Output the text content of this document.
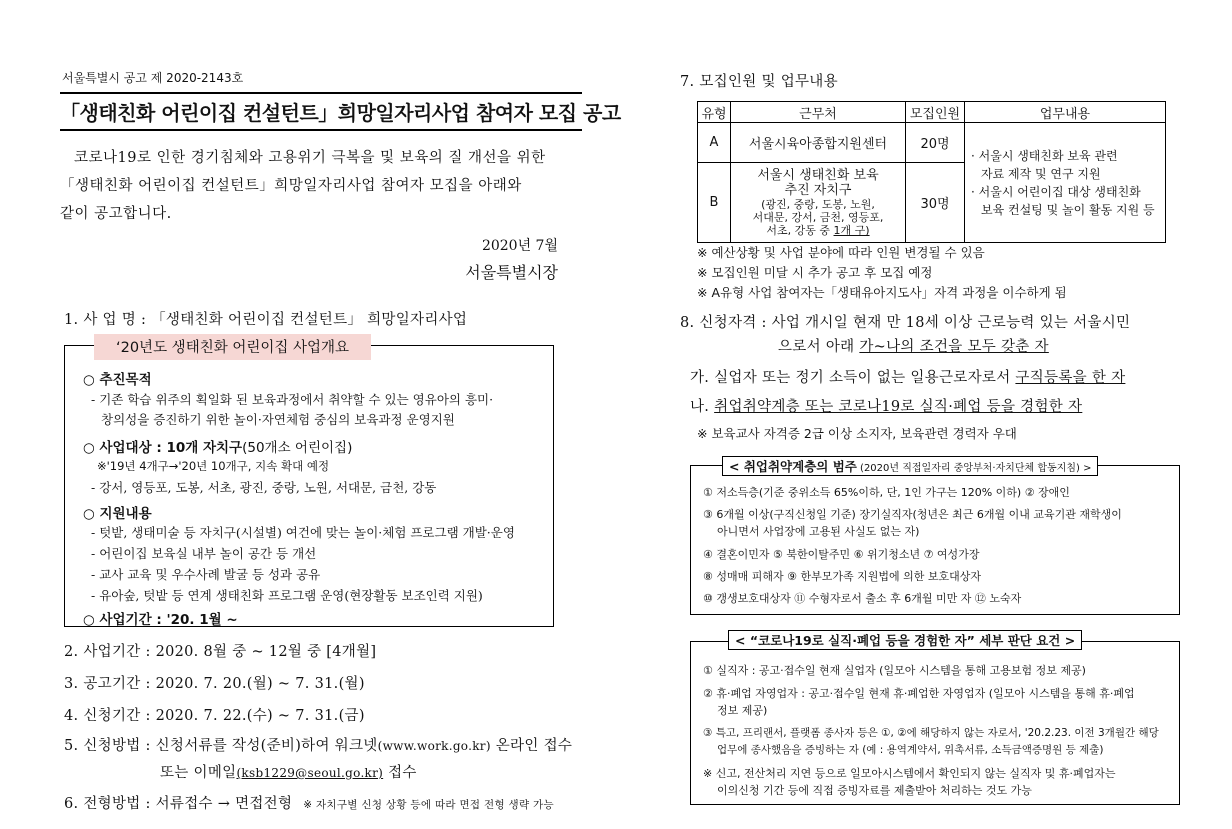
서울특별시 공고 제 2020-2143호
「생태친화 어린이집 컨설턴트」희망일자리사업 참여자 모집 공고
코로나19로 인한 경기침체와 고용위기 극복을 및 보육의 질 개선을 위한
「생태친화 어린이집 컨설턴트」희망일자리사업 참여자 모집을 아래와
같이 공고합니다.
2020년 7월
서울특별시장
1. 사 업 명 : 「생태친화 어린이집 컨설턴트」 희망일자리사업
○ 추진목적
- 기존 학습 위주의 획일화 된 보육과정에서 취약할 수 있는 영유아의 흥미·
창의성을 증진하기 위한 놀이·자연체험 중심의 보육과정 운영지원
○ 사업대상 : 10개 자치구(50개소 어린이집)
※'19년 4개구→'20년 10개구, 지속 확대 예정
- 강서, 영등포, 도봉, 서초, 광진, 중랑, 노원, 서대문, 금천, 강동
○ 지원내용
- 텃밭, 생태미술 등 자치구(시설별) 여건에 맞는 놀이·체험 프로그램 개발·운영
- 어린이집 보육실 내부 놀이 공간 등 개선
- 교사 교육 및 우수사례 발굴 등 성과 공유
- 유아숲, 텃밭 등 연계 생태친화 프로그램 운영(현장활동 보조인력 지원)
○ 사업기간 : '20. 1월 ~
‘20년도 생태친화 어린이집 사업개요
2. 사업기간 : 2020. 8월 중 ~ 12월 중 [4개월]
3. 공고기간 : 2020. 7. 20.(월) ~ 7. 31.(월)
4. 신청기간 : 2020. 7. 22.(수) ~ 7. 31.(금)
5. 신청방법 : 신청서류를 작성(준비)하여 워크넷(www.work.go.kr) 온라인 접수
또는 이메일(ksb1229@seoul.go.kr) 접수
6. 전형방법 : 서류접수 → 면접전형 ※ 자치구별 신청 상황 등에 따라 면접 전형 생략 가능
7. 모집인원 및 업무내용
유형	근무처	모집인원	업무내용
A	서울시육아종합지원센터	20명	· 서울시 생태친화 보육 관련
자료 제작 및 연구 지원
· 서울시 어린이집 대상 생태친화
보육 컨설팅 및 놀이 활동 지원 등

B	서울시 생태친화 보육
추진 자치구
(광진, 중랑, 도봉, 노원,
서대문, 강서, 금천, 영등포,
서초, 강동 중 1개 구)	30명	
※ 예산상황 및 사업 분야에 따라 인원 변경될 수 있음
※ 모집인원 미달 시 추가 공고 후 모집 예정
※ A유형 사업 참여자는「생태유아지도사」자격 과정을 이수하게 됨
8. 신청자격 : 사업 개시일 현재 만 18세 이상 근로능력 있는 서울시민
으로서 아래 가~나의 조건을 모두 갖춘 자
가. 실업자 또는 정기 소득이 없는 일용근로자로서 구직등록을 한 자
나. 취업취약계층 또는 코로나19로 실직·폐업 등을 경험한 자
※ 보육교사 자격증 2급 이상 소지자, 보육관련 경력자 우대
① 저소득층(기준 중위소득 65%이하, 단, 1인 가구는 120% 이하) ② 장애인
③ 6개월 이상(구직신청일 기준) 장기실직자(청년은 최근 6개월 이내 교육기관 재학생이
아니면서 사업장에 고용된 사실도 없는 자)
④ 결혼이민자 ⑤ 북한이탈주민 ⑥ 위기청소년 ⑦ 여성가장
⑧ 성매매 피해자 ⑨ 한부모가족 지원법에 의한 보호대상자
⑩ 갱생보호대상자 ⑪ 수형자로서 출소 후 6개월 미만 자 ⑫ 노숙자
< 취업취약계층의 범주 (2020년 직접일자리 중앙부처·자치단체 합동지침) >
① 실직자 : 공고·접수일 현재 실업자 (일모아 시스템을 통해 고용보험 정보 제공)
② 휴·폐업 자영업자 : 공고·접수일 현재 휴·폐업한 자영업자 (일모아 시스템을 통해 휴·폐업
정보 제공)
③ 특고, 프리랜서, 플랫폼 종사자 등은 ①, ②에 해당하지 않는 자로서, '20.2.23. 이전 3개월간 해당
업무에 종사했음을 증빙하는 자 (예 : 용역계약서, 위촉서류, 소득금액증명원 등 제출)
※ 신고, 전산처리 지연 등으로 일모아시스템에서 확인되지 않는 실직자 및 휴·폐업자는
이의신청 기간 등에 직접 증빙자료를 제출받아 처리하는 것도 가능
< “코로나19로 실직·폐업 등을 경험한 자” 세부 판단 요건 >
